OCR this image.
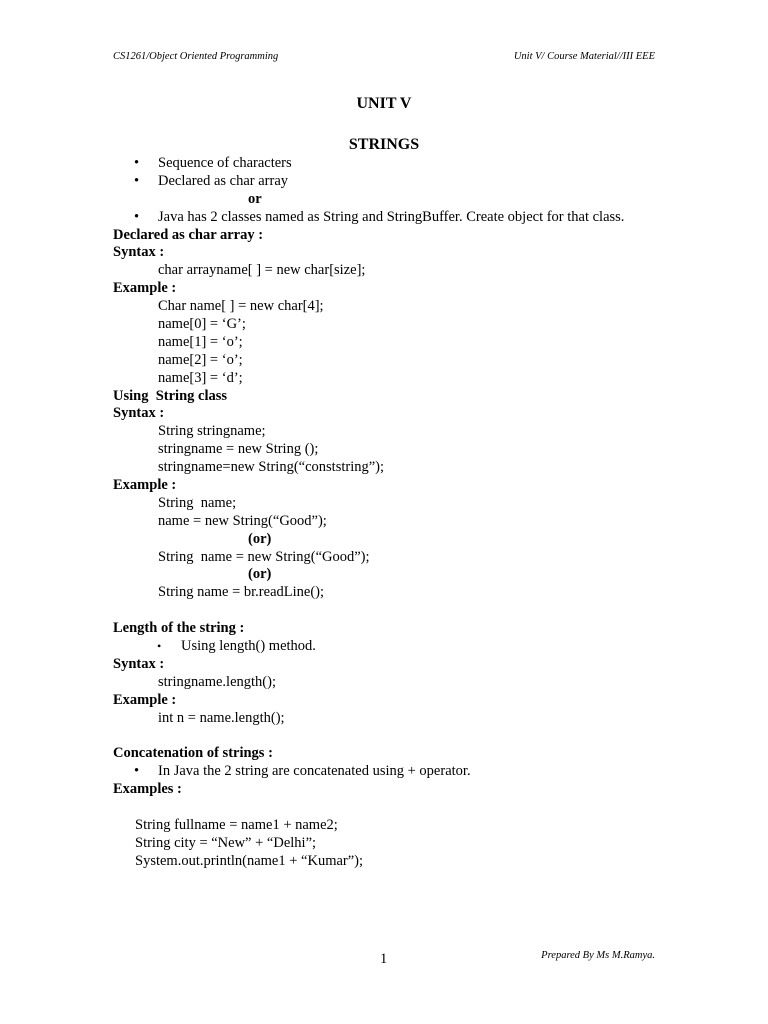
CS1261/Object Oriented Programming	Unit V/ Course Material//III EEE
UNIT V
STRINGS
• Sequence of characters
• Declared as char array
or
• Java has 2 classes named as String and StringBuffer. Create object for that class.
Declared as char array :
Syntax :
char arrayname[ ] = new char[size];
Example :
Char name[ ] = new char[4];
name[0] = ‘G’;
name[1] = ‘o’;
name[2] = ‘o’;
name[3] = ‘d’;
Using  String class
Syntax :
String stringname;
stringname = new String ();
stringname=new String(“conststring”);
Example :
String  name;
name = new String(“Good”);
(or)
String  name = new String(“Good”);
(or)
String name = br.readLine();
Length of the string :
• Using length() method.
Syntax :
stringname.length();
Example :
int n = name.length();
Concatenation of strings :
• In Java the 2 string are concatenated using + operator.
Examples :
String fullname = name1 + name2;
String city = “New” + “Delhi”;
System.out.println(name1 + “Kumar”);
1	Prepared By Ms M.Ramya.
